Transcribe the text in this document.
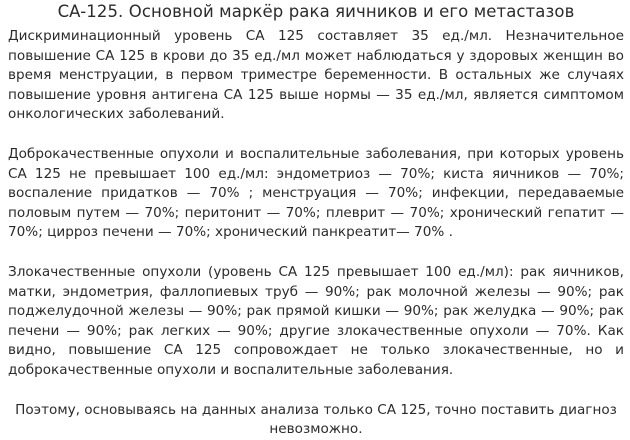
CA-125. Основной маркёр рака яичников и его метастазов

Дискриминационный уровень CA 125 составляет 35 ед./мл. Незначительное повышение CA 125 в крови до 35 ед./мл может наблюдаться у здоровых женщин во время менструации, в первом триместре беременности. В остальных же случаях повышение уровня антигена CA 125 выше нормы — 35 ед./мл, является симптомом онкологических заболеваний.

Доброкачественные опухоли и воспалительные заболевания, при которых уровень CA 125 не превышает 100 ед./мл: эндометриоз — 70%; киста яичников — 70%; воспаление придатков — 70% ; менструация — 70%; инфекции, передаваемые половым путем — 70%; перитонит — 70%; плеврит — 70%; хронический гепатит — 70%; цирроз печени — 70%; хронический панкреатит— 70% .

Злокачественные опухоли (уровень CA 125 превышает 100 ед./мл): рак яичников, матки, эндометрия, фаллопиевых труб — 90%; рак молочной железы — 90%; рак поджелудочной железы — 90%; рак прямой кишки — 90%; рак желудка — 90%; рак печени — 90%; рак легких — 90%; другие злокачественные опухоли — 70%. Как видно, повышение CA 125 сопровождает не только злокачественные, но и доброкачественные опухоли и воспалительные заболевания.

Поэтому, основываясь на данных анализа только CA 125, точно поставить диагноз невозможно.
